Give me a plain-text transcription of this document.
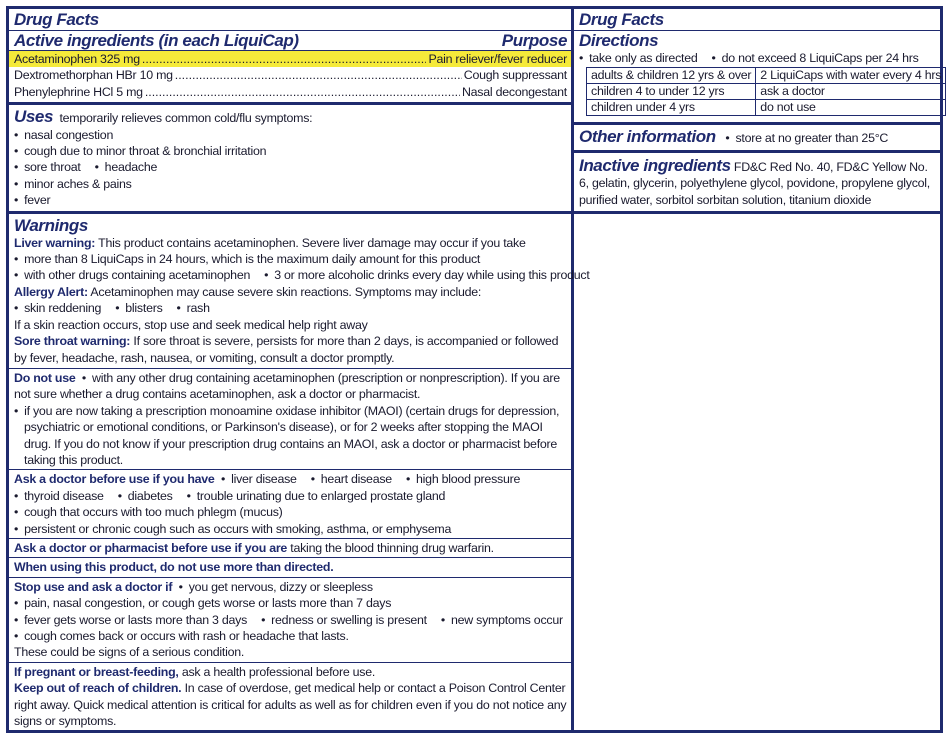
Drug Facts
Active ingredients (in each LiquiCap)	Purpose
Acetaminophen 325 mg .....	Pain reliever/fever reducer
Dextromethorphan HBr 10 mg .....	Cough suppressant
Phenylephrine HCl 5 mg .....	Nasal decongestant
Uses temporarily relieves common cold/flu symptoms:
• nasal congestion
• cough due to minor throat & bronchial irritation
• sore throat • headache
• minor aches & pains
• fever
Warnings
Liver warning: This product contains acetaminophen. Severe liver damage may occur if you take
• more than 8 LiquiCaps in 24 hours, which is the maximum daily amount for this product
• with other drugs containing acetaminophen • 3 or more alcoholic drinks every day while using this product
Allergy Alert: Acetaminophen may cause severe skin reactions. Symptoms may include:
• skin reddening • blisters • rash
If a skin reaction occurs, stop use and seek medical help right away
Sore throat warning: If sore throat is severe, persists for more than 2 days, is accompanied or followed by fever, headache, rash, nausea, or vomiting, consult a doctor promptly.
Do not use • with any other drug containing acetaminophen (prescription or nonprescription). If you are not sure whether a drug contains acetaminophen, ask a doctor or pharmacist.
• if you are now taking a prescription monoamine oxidase inhibitor (MAOI) (certain drugs for depression, psychiatric or emotional conditions, or Parkinson's disease), or for 2 weeks after stopping the MAOI drug. If you do not know if your prescription drug contains an MAOI, ask a doctor or pharmacist before taking this product.
Ask a doctor before use if you have • liver disease • heart disease • high blood pressure
• thyroid disease • diabetes • trouble urinating due to enlarged prostate gland
• cough that occurs with too much phlegm (mucus)
• persistent or chronic cough such as occurs with smoking, asthma, or emphysema
Ask a doctor or pharmacist before use if you are taking the blood thinning drug warfarin.
When using this product, do not use more than directed.
Stop use and ask a doctor if • you get nervous, dizzy or sleepless
• pain, nasal congestion, or cough gets worse or lasts more than 7 days
• fever gets worse or lasts more than 3 days • redness or swelling is present • new symptoms occur
• cough comes back or occurs with rash or headache that lasts.
These could be signs of a serious condition.
If pregnant or breast-feeding, ask a health professional before use.
Keep out of reach of children. In case of overdose, get medical help or contact a Poison Control Center right away. Quick medical attention is critical for adults as well as for children even if you do not notice any signs or symptoms.
Drug Facts
Directions
• take only as directed • do not exceed 8 LiquiCaps per 24 hrs
adults & children 12 yrs & over	2 LiquiCaps with water every 4 hrs
children 4 to under 12 yrs	ask a doctor
children under 4 yrs	do not use
Other information • store at no greater than 25°C
Inactive ingredients FD&C Red No. 40, FD&C Yellow No. 6, gelatin, glycerin, polyethylene glycol, povidone, propylene glycol, purified water, sorbitol sorbitan solution, titanium dioxide
